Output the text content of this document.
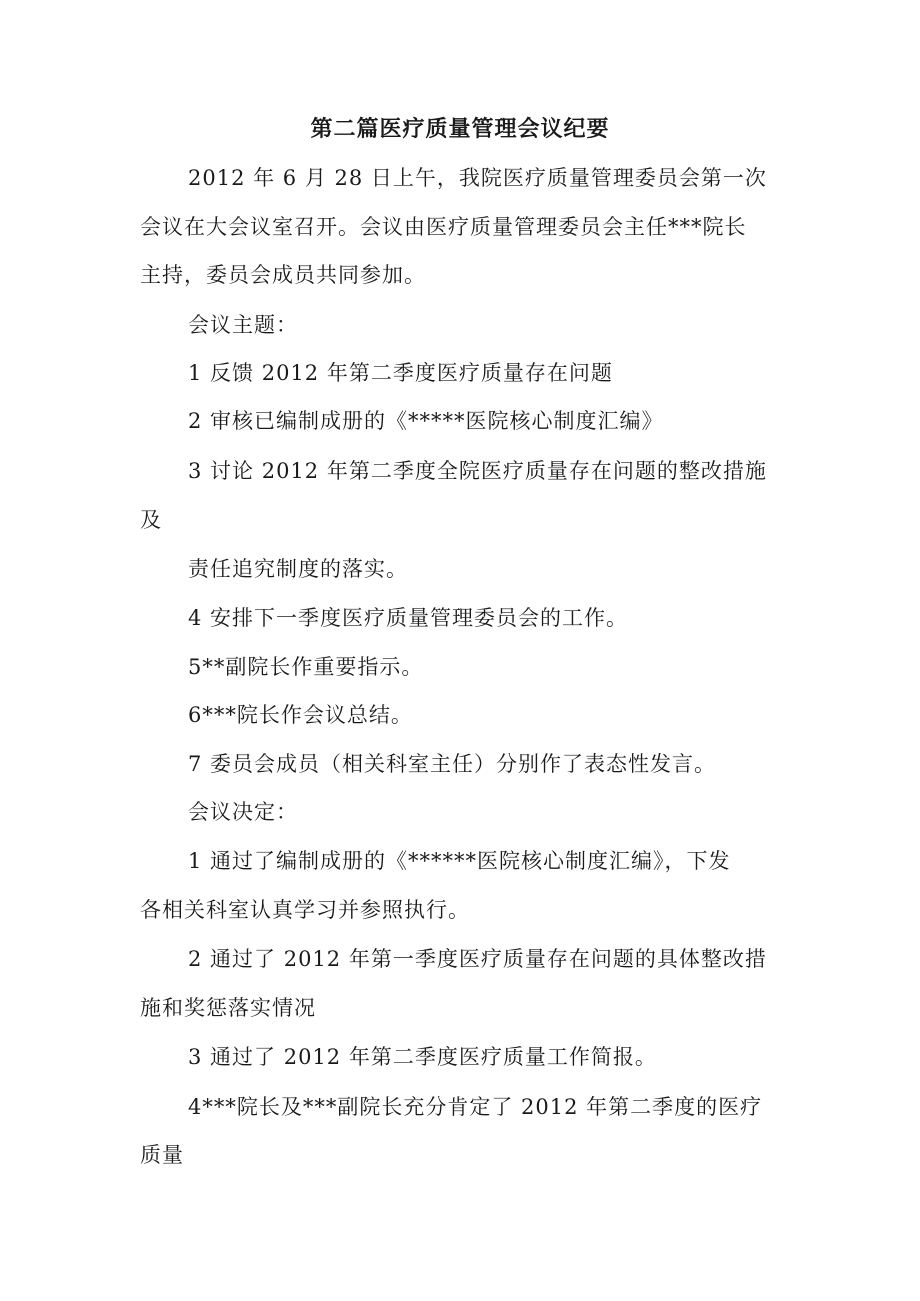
第二篇医疗质量管理会议纪要
2012 年 6 月 28 日上午，我院医疗质量管理委员会第一次
会议在大会议室召开。会议由医疗质量管理委员会主任***院长
主持，委员会成员共同参加。
会议主题：
1 反馈 2012 年第二季度医疗质量存在问题
2 审核已编制成册的《*****医院核心制度汇编》
3 讨论 2012 年第二季度全院医疗质量存在问题的整改措施
及
责任追究制度的落实。
4 安排下一季度医疗质量管理委员会的工作。
5**副院长作重要指示。
6***院长作会议总结。
7 委员会成员（相关科室主任）分别作了表态性发言。
会议决定：
1 通过了编制成册的《******医院核心制度汇编》，下发
各相关科室认真学习并参照执行。
2 通过了 2012 年第一季度医疗质量存在问题的具体整改措
施和奖惩落实情况
3 通过了 2012 年第二季度医疗质量工作简报。
4***院长及***副院长充分肯定了 2012 年第二季度的医疗
质量
